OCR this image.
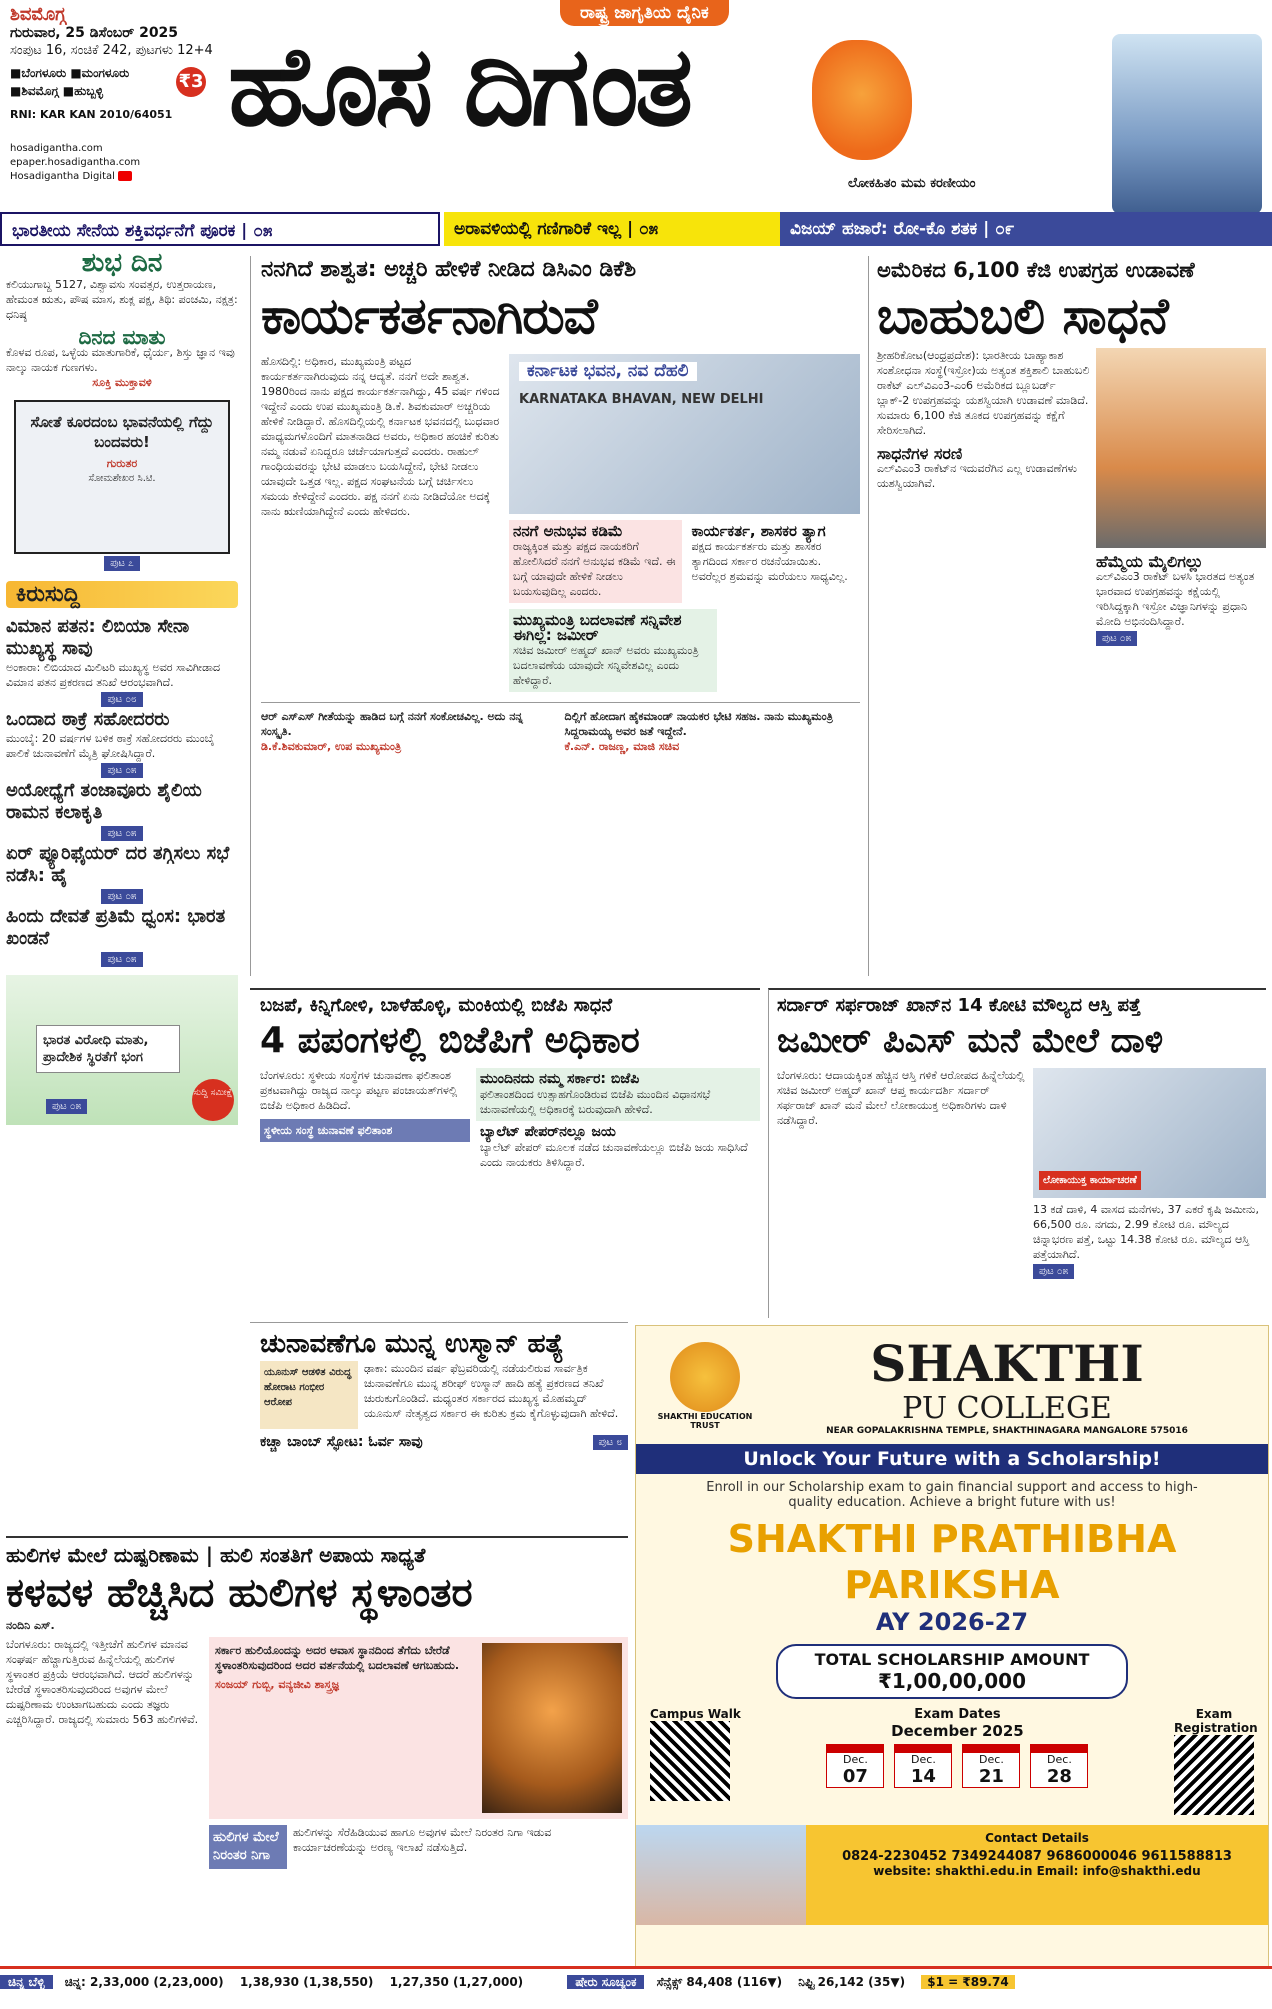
ಶಿವಮೊಗ್ಗ
ಗುರುವಾರ, 25 ಡಿಸೆಂಬರ್ 2025
ಸಂಪುಟ 16, ಸಂಚಿಕೆ 242, ಪುಟಗಳು 12+4
■ಬೆಂಗಳೂರು ■ಮಂಗಳೂರು ■ಶಿವಮೊಗ್ಗ ■ಹುಬ್ಬಳ್ಳಿ	₹3
RNI: KAR KAN 2010/64051
hosadigantha.com
epaper.hosadigantha.com
Hosadigantha Digital
ರಾಷ್ಟ್ರ ಜಾಗೃತಿಯ ದೈನಿಕ
ಹೊಸ ದಿಗಂತ
ಲೋಕಹಿತಂ ಮಮ ಕರಣೀಯಂ
ಭಾರತೀಯ ಸೇನೆಯ ಶಕ್ತಿವರ್ಧನೆಗೆ ಪೂರಕ | ೦೫	ಅರಾವಳಿಯಲ್ಲಿ ಗಣಿಗಾರಿಕೆ ಇಲ್ಲ | ೦೫	ವಿಜಯ್ ಹಜಾರೆ: ರೋ-ಕೊ ಶತಕ | ೦೯
ಶುಭ ದಿನ
ಕಲಿಯುಗಾಬ್ದ 5127, ವಿಶ್ವಾವಸು ಸಂವತ್ಸರ, ಉತ್ತರಾಯಣ, ಹೇಮಂತ ಋತು, ಪೌಷ ಮಾಸ, ಶುಕ್ಲ ಪಕ್ಷ, ತಿಥಿ: ಪಂಚಮಿ, ನಕ್ಷತ್ರ: ಧನಿಷ್ಠ
ದಿನದ ಮಾತು
ಕೊಳವ ರೂಪ, ಒಳ್ಳೆಯ ಮಾತುಗಾರಿಕೆ, ಧೈರ್ಯ, ಶಿಸ್ತು ಜ್ಞಾನ ಇವು ನಾಲ್ಕು ನಾಯಕ ಗುಣಗಳು.
ಸೂಕ್ತಿ ಮುಕ್ತಾವಳಿ
ಸೋತೆ ಕೂರದಂಬ ಭಾವನೆಯಲ್ಲಿ ಗೆದ್ದು ಬಂದವರು!
ಗುರುತರ
ಸೋಮಶೇಖರ ಸಿ.ಟಿ.
ಪುಟ ೭
ಕಿರುಸುದ್ದಿ
ವಿಮಾನ ಪತನ: ಲಿಬಿಯಾ ಸೇನಾ ಮುಖ್ಯಸ್ಥ ಸಾವು
ಅಂಕಾರಾ: ಲಿಬಿಯಾದ ಮಿಲಿಟರಿ ಮುಖ್ಯಸ್ಥ ಅವರ ಸಾವಿಗೀಡಾದ ವಿಮಾನ ಪತನ ಪ್ರಕರಣದ ತನಿಖೆ ಆರಂಭವಾಗಿದೆ.
ಪುಟ ೦೮
ಒಂದಾದ ಠಾಕ್ರೆ ಸಹೋದರರು
ಮುಂಬೈ: 20 ವರ್ಷಗಳ ಬಳಿಕ ಠಾಕ್ರೆ ಸಹೋದರರು ಮುಂಬೈ ಪಾಲಿಕೆ ಚುನಾವಣೆಗೆ ಮೈತ್ರಿ ಘೋಷಿಸಿದ್ದಾರೆ.
ಪುಟ ೦೫
ಅಯೋಧ್ಯೆಗೆ ತಂಜಾವೂರು ಶೈಲಿಯ ರಾಮನ ಕಲಾಕೃತಿ
ಪುಟ ೦೫
ಏರ್ ಪ್ಯೂರಿಫೈಯರ್ ದರ ತಗ್ಗಿಸಲು ಸಭೆ ನಡೆಸಿ: ಹೈ
ಪುಟ ೦೫
ಹಿಂದು ದೇವತೆ ಪ್ರತಿಮೆ ಧ್ವಂಸ: ಭಾರತ ಖಂಡನೆ
ಪುಟ ೦೫
ಭಾರತ ವಿರೋಧಿ ಮಾತು, ಪ್ರಾದೇಶಿಕ ಸ್ಥಿರತೆಗೆ ಭಂಗ
ಪುಟ ೦೫
ಸುದ್ದಿ ಸಮೀಕ್ಷೆ
ನನಗಿದೆ ಶಾಶ್ವತ: ಅಚ್ಚರಿ ಹೇಳಿಕೆ ನೀಡಿದ ಡಿಸಿಎಂ ಡಿಕೆಶಿ
ಕಾರ್ಯಕರ್ತನಾಗಿರುವೆ
ಹೊಸದಿಲ್ಲಿ: ಅಧಿಕಾರ, ಮುಖ್ಯಮಂತ್ರಿ ಪಟ್ಟದ ಕಾರ್ಯಕರ್ತನಾಗಿರುವುದು ನನ್ನ ಆದ್ಯತೆ. ನನಗೆ ಅದೇ ಶಾಶ್ವತ. 1980ರಿಂದ ನಾನು ಪಕ್ಷದ ಕಾರ್ಯಕರ್ತನಾಗಿದ್ದು, 45 ವರ್ಷ ಗಳಿಂದ ಇದ್ದೇನೆ ಎಂದು ಉಪ ಮುಖ್ಯಮಂತ್ರಿ ಡಿ.ಕೆ. ಶಿವಕುಮಾರ್ ಅಚ್ಚರಿಯ ಹೇಳಿಕೆ ನೀಡಿದ್ದಾರೆ. ಹೊಸದಿಲ್ಲಿಯಲ್ಲಿ ಕರ್ನಾಟಕ ಭವನದಲ್ಲಿ ಬುಧವಾರ ಮಾಧ್ಯಮಗಳೊಂದಿಗೆ ಮಾತನಾಡಿದ ಅವರು, ಅಧಿಕಾರ ಹಂಚಿಕೆ ಕುರಿತು ನಮ್ಮ ನಡುವೆ ಏನಿದ್ದರೂ ಚರ್ಚೆಯಾಗುತ್ತದೆ ಎಂದರು. ರಾಹುಲ್ ಗಾಂಧಿಯವರನ್ನು ಭೇಟಿ ಮಾಡಲು ಬಯಸಿದ್ದೇನೆ, ಭೇಟಿ ನೀಡಲು ಯಾವುದೇ ಒತ್ತಡ ಇಲ್ಲ. ಪಕ್ಷದ ಸಂಘಟನೆಯ ಬಗ್ಗೆ ಚರ್ಚಿಸಲು ಸಮಯ ಕೇಳಿದ್ದೇನೆ ಎಂದರು. ಪಕ್ಷ ನನಗೆ ಏನು ನೀಡಿದೆಯೋ ಅದಕ್ಕೆ ನಾನು ಋಣಿಯಾಗಿದ್ದೇನೆ ಎಂದು ಹೇಳಿದರು.
ಕರ್ನಾಟಕ ಭವನ, ನವ ದೆಹಲಿ
KARNATAKA BHAVAN, NEW DELHI
ನನಗೆ ಅನುಭವ ಕಡಿಮೆ
ರಾಜ್ಯಕ್ಕಿಂತ ಮತ್ತು ಪಕ್ಷದ ನಾಯಕರಿಗೆ ಹೋಲಿಸಿದರೆ ನನಗೆ ಅನುಭವ ಕಡಿಮೆ ಇದೆ. ಈ ಬಗ್ಗೆ ಯಾವುದೇ ಹೇಳಿಕೆ ನೀಡಲು ಬಯಸುವುದಿಲ್ಲ ಎಂದರು.
ಕಾರ್ಯಕರ್ತ, ಶಾಸಕರ ತ್ಯಾಗ
ಪಕ್ಷದ ಕಾರ್ಯಕರ್ತರು ಮತ್ತು ಶಾಸಕರ ತ್ಯಾಗದಿಂದ ಸರ್ಕಾರ ರಚನೆಯಾಯಿತು. ಅವರೆಲ್ಲರ ಶ್ರಮವನ್ನು ಮರೆಯಲು ಸಾಧ್ಯವಿಲ್ಲ.
ಮುಖ್ಯಮಂತ್ರಿ ಬದಲಾವಣೆ ಸನ್ನಿವೇಶ ಈಗಿಲ್ಲ: ಜಮೀರ್
ಸಚಿವ ಜಮೀರ್ ಅಹ್ಮದ್ ಖಾನ್ ಅವರು ಮುಖ್ಯಮಂತ್ರಿ ಬದಲಾವಣೆಯ ಯಾವುದೇ ಸನ್ನಿವೇಶವಿಲ್ಲ ಎಂದು ಹೇಳಿದ್ದಾರೆ.
ಆರ್ ಎಸ್‌ಎಸ್ ಗೀತೆಯನ್ನು ಹಾಡಿದ ಬಗ್ಗೆ ನನಗೆ ಸಂಕೋಚವಿಲ್ಲ. ಅದು ನನ್ನ ಸಂಸ್ಕೃತಿ.
ಡಿ.ಕೆ.ಶಿವಕುಮಾರ್, ಉಪ ಮುಖ್ಯಮಂತ್ರಿ
ದಿಲ್ಲಿಗೆ ಹೋದಾಗ ಹೈಕಮಾಂಡ್ ನಾಯಕರ ಭೇಟಿ ಸಹಜ. ನಾನು ಮುಖ್ಯಮಂತ್ರಿ ಸಿದ್ದರಾಮಯ್ಯ ಅವರ ಜತೆ ಇದ್ದೇನೆ.
ಕೆ.ಎನ್. ರಾಜಣ್ಣ, ಮಾಜಿ ಸಚಿವ
ಅಮೆರಿಕದ 6,100 ಕೆಜಿ ಉಪಗ್ರಹ ಉಡಾವಣೆ
ಬಾಹುಬಲಿ ಸಾಧನೆ
ಶ್ರೀಹರಿಕೋಟ(ಆಂಧ್ರಪ್ರದೇಶ): ಭಾರತೀಯ ಬಾಹ್ಯಾಕಾಶ ಸಂಶೋಧನಾ ಸಂಸ್ಥೆ(ಇಸ್ರೋ)ಯ ಅತ್ಯಂತ ಶಕ್ತಿಶಾಲಿ ಬಾಹುಬಲಿ ರಾಕೆಟ್ ಎಲ್‌ವಿಎಂ3-ಎಂ6 ಅಮೆರಿಕದ ಬ್ಲೂಬರ್ಡ್ ಬ್ಲಾಕ್-2 ಉಪಗ್ರಹವನ್ನು ಯಶಸ್ವಿಯಾಗಿ ಉಡಾವಣೆ ಮಾಡಿದೆ. ಸುಮಾರು 6,100 ಕೆಜಿ ತೂಕದ ಉಪಗ್ರಹವನ್ನು ಕಕ್ಷೆಗೆ ಸೇರಿಸಲಾಗಿದೆ.
ಸಾಧನೆಗಳ ಸರಣಿ
ಎಲ್‌ವಿಎಂ3 ರಾಕೆಟ್‌ನ ಇದುವರೆಗಿನ ಎಲ್ಲ ಉಡಾವಣೆಗಳು ಯಶಸ್ವಿಯಾಗಿವೆ.
ಹೆಮ್ಮೆಯ ಮೈಲಿಗಲ್ಲು
ಎಲ್‌ವಿಎಂ3 ರಾಕೆಟ್ ಬಳಸಿ ಭಾರತದ ಅತ್ಯಂತ ಭಾರವಾದ ಉಪಗ್ರಹವನ್ನು ಕಕ್ಷೆಯಲ್ಲಿ ಇರಿಸಿದ್ದಕ್ಕಾಗಿ ಇಸ್ರೋ ವಿಜ್ಞಾನಿಗಳನ್ನು ಪ್ರಧಾನಿ ಮೋದಿ ಅಭಿನಂದಿಸಿದ್ದಾರೆ.
ಪುಟ ೦೫
ಬಜಪೆ, ಕಿನ್ನಿಗೋಳಿ, ಬಾಳೆಹೊಳ್ಳಿ, ಮಂಕಿಯಲ್ಲಿ ಬಿಜೆಪಿ ಸಾಧನೆ
4 ಪಪಂಗಳಲ್ಲಿ ಬಿಜೆಪಿಗೆ ಅಧಿಕಾರ
ಬೆಂಗಳೂರು: ಸ್ಥಳೀಯ ಸಂಸ್ಥೆಗಳ ಚುನಾವಣಾ ಫಲಿತಾಂಶ ಪ್ರಕಟವಾಗಿದ್ದು ರಾಜ್ಯದ ನಾಲ್ಕು ಪಟ್ಟಣ ಪಂಚಾಯತ್‌ಗಳಲ್ಲಿ ಬಿಜೆಪಿ ಅಧಿಕಾರ ಹಿಡಿದಿದೆ.
ಸ್ಥಳೀಯ ಸಂಸ್ಥೆ ಚುನಾವಣೆ ಫಲಿತಾಂಶ
ಮುಂದಿನದು ನಮ್ಮ ಸರ್ಕಾರ: ಬಿಜೆಪಿ
ಫಲಿತಾಂಶದಿಂದ ಉತ್ಸಾಹಗೊಂಡಿರುವ ಬಿಜೆಪಿ ಮುಂದಿನ ವಿಧಾನಸಭೆ ಚುನಾವಣೆಯಲ್ಲಿ ಅಧಿಕಾರಕ್ಕೆ ಬರುವುದಾಗಿ ಹೇಳಿದೆ.
ಬ್ಯಾಲೆಟ್ ಪೇಪರ್‌ನಲ್ಲೂ ಜಯ
ಬ್ಯಾಲೆಟ್ ಪೇಪರ್ ಮೂಲಕ ನಡೆದ ಚುನಾವಣೆಯಲ್ಲೂ ಬಿಜೆಪಿ ಜಯ ಸಾಧಿಸಿದೆ ಎಂದು ನಾಯಕರು ತಿಳಿಸಿದ್ದಾರೆ.
ಸರ್ದಾರ್ ಸರ್ಫರಾಜ್ ಖಾನ್‌ನ 14 ಕೋಟಿ ಮೌಲ್ಯದ ಆಸ್ತಿ ಪತ್ತೆ
ಜಮೀರ್ ಪಿಎಸ್ ಮನೆ ಮೇಲೆ ದಾಳಿ
ಬೆಂಗಳೂರು: ಆದಾಯಕ್ಕಿಂತ ಹೆಚ್ಚಿನ ಆಸ್ತಿ ಗಳಿಕೆ ಆರೋಪದ ಹಿನ್ನೆಲೆಯಲ್ಲಿ ಸಚಿವ ಜಮೀರ್ ಅಹ್ಮದ್ ಖಾನ್ ಆಪ್ತ ಕಾರ್ಯದರ್ಶಿ ಸರ್ದಾರ್ ಸರ್ಫರಾಜ್ ಖಾನ್ ಮನೆ ಮೇಲೆ ಲೋಕಾಯುಕ್ತ ಅಧಿಕಾರಿಗಳು ದಾಳಿ ನಡೆಸಿದ್ದಾರೆ.
ಲೋಕಾಯುಕ್ತ ಕಾರ್ಯಾಚರಣೆ
13 ಕಡೆ ದಾಳಿ, 4 ವಾಸದ ಮನೆಗಳು, 37 ಎಕರೆ ಕೃಷಿ ಜಮೀನು, 66,500 ರೂ. ನಗದು, 2.99 ಕೋಟಿ ರೂ. ಮೌಲ್ಯದ ಚಿನ್ನಾಭರಣ ಪತ್ತೆ, ಒಟ್ಟು 14.38 ಕೋಟಿ ರೂ. ಮೌಲ್ಯದ ಆಸ್ತಿ ಪತ್ತೆಯಾಗಿದೆ.
ಪುಟ ೦೫
ಚುನಾವಣೆಗೂ ಮುನ್ನ ಉಸ್ಮಾನ್ ಹತ್ಯೆ
ಯೂನುಸ್ ಆಡಳಿತ ವಿರುದ್ಧ ಹೋರಾಟ ಗಂಭೀರ ಆರೋಪ
ಢಾಕಾ: ಮುಂದಿನ ವರ್ಷ ಫೆಬ್ರವರಿಯಲ್ಲಿ ನಡೆಯಲಿರುವ ಸಾರ್ವತ್ರಿಕ ಚುನಾವಣೆಗೂ ಮುನ್ನ ಶರೀಫ್ ಉಸ್ಮಾನ್ ಹಾದಿ ಹತ್ಯೆ ಪ್ರಕರಣದ ತನಿಖೆ ಚುರುಕುಗೊಂಡಿದೆ. ಮಧ್ಯಂತರ ಸರ್ಕಾರದ ಮುಖ್ಯಸ್ಥ ಮೊಹಮ್ಮದ್ ಯೂನುಸ್ ನೇತೃತ್ವದ ಸರ್ಕಾರ ಈ ಕುರಿತು ಕ್ರಮ ಕೈಗೊಳ್ಳುವುದಾಗಿ ಹೇಳಿದೆ.
ಕಚ್ಚಾ ಬಾಂಬ್ ಸ್ಫೋಟ: ಓರ್ವ ಸಾವು	ಪುಟ ೮
ಹುಲಿಗಳ ಮೇಲೆ ದುಷ್ಪರಿಣಾಮ | ಹುಲಿ ಸಂತತಿಗೆ ಅಪಾಯ ಸಾಧ್ಯತೆ
ಕಳವಳ ಹೆಚ್ಚಿಸಿದ ಹುಲಿಗಳ ಸ್ಥಳಾಂತರ
ನಂದಿನಿ ಎಸ್.
ಬೆಂಗಳೂರು: ರಾಜ್ಯದಲ್ಲಿ ಇತ್ತೀಚೆಗೆ ಹುಲಿಗಳ ಮಾನವ ಸಂಘರ್ಷ ಹೆಚ್ಚಾಗುತ್ತಿರುವ ಹಿನ್ನೆಲೆಯಲ್ಲಿ ಹುಲಿಗಳ ಸ್ಥಳಾಂತರ ಪ್ರಕ್ರಿಯೆ ಆರಂಭವಾಗಿದೆ. ಆದರೆ ಹುಲಿಗಳನ್ನು ಬೇರೆಡೆ ಸ್ಥಳಾಂತರಿಸುವುದರಿಂದ ಅವುಗಳ ಮೇಲೆ ದುಷ್ಪರಿಣಾಮ ಉಂಟಾಗಬಹುದು ಎಂದು ತಜ್ಞರು ಎಚ್ಚರಿಸಿದ್ದಾರೆ. ರಾಜ್ಯದಲ್ಲಿ ಸುಮಾರು 563 ಹುಲಿಗಳಿವೆ.
ಸರ್ಕಾರ ಹುಲಿಯೊಂದನ್ನು ಅದರ ಆವಾಸ ಸ್ಥಾನದಿಂದ ತೆಗೆದು ಬೇರೆಡೆ ಸ್ಥಳಾಂತರಿಸುವುದರಿಂದ ಅದರ ವರ್ತನೆಯಲ್ಲಿ ಬದಲಾವಣೆ ಆಗಬಹುದು.
ಸಂಜಯ್ ಗುಬ್ಬಿ, ವನ್ಯಜೀವಿ ಶಾಸ್ತ್ರಜ್ಞ
ಹುಲಿಗಳ ಮೇಲೆ ನಿರಂತರ ನಿಗಾ
ಹುಲಿಗಳನ್ನು ಸೆರೆಹಿಡಿಯುವ ಹಾಗೂ ಅವುಗಳ ಮೇಲೆ ನಿರಂತರ ನಿಗಾ ಇಡುವ ಕಾರ್ಯಾಚರಣೆಯನ್ನು ಅರಣ್ಯ ಇಲಾಖೆ ನಡೆಸುತ್ತಿದೆ.
SHAKTHI EDUCATION TRUST
SHAKTHI
PU COLLEGE
NEAR GOPALAKRISHNA TEMPLE, SHAKTHINAGARA MANGALORE 575016
Unlock Your Future with a Scholarship!
Enroll in our Scholarship exam to gain financial support and access to high-quality education. Achieve a bright future with us!
SHAKTHI PRATHIBHA PARIKSHA
AY 2026-27
TOTAL SCHOLARSHIP AMOUNT
₹1,00,00,000
Campus Walk	Exam Dates
December 2025
Dec.
07
Dec.
14
Dec.
21
Dec.
28
Exam Registration
Contact Details
0824-2230452 7349244087 9686000046 9611588813
website: shakthi.edu.in Email: info@shakthi.edu
ಚಿನ್ನ ಬೆಳ್ಳಿ ಚಿನ್ನ: 2,33,000 (2,23,000) 1,38,930 (1,38,550) 1,27,350 (1,27,000)	ಷೇರು ಸೂಚ್ಯಂಕ ಸೆನ್ಸೆಕ್ಸ್ 84,408 (116▼) ನಿಫ್ಟಿ 26,142 (35▼) $1 = ₹89.74
